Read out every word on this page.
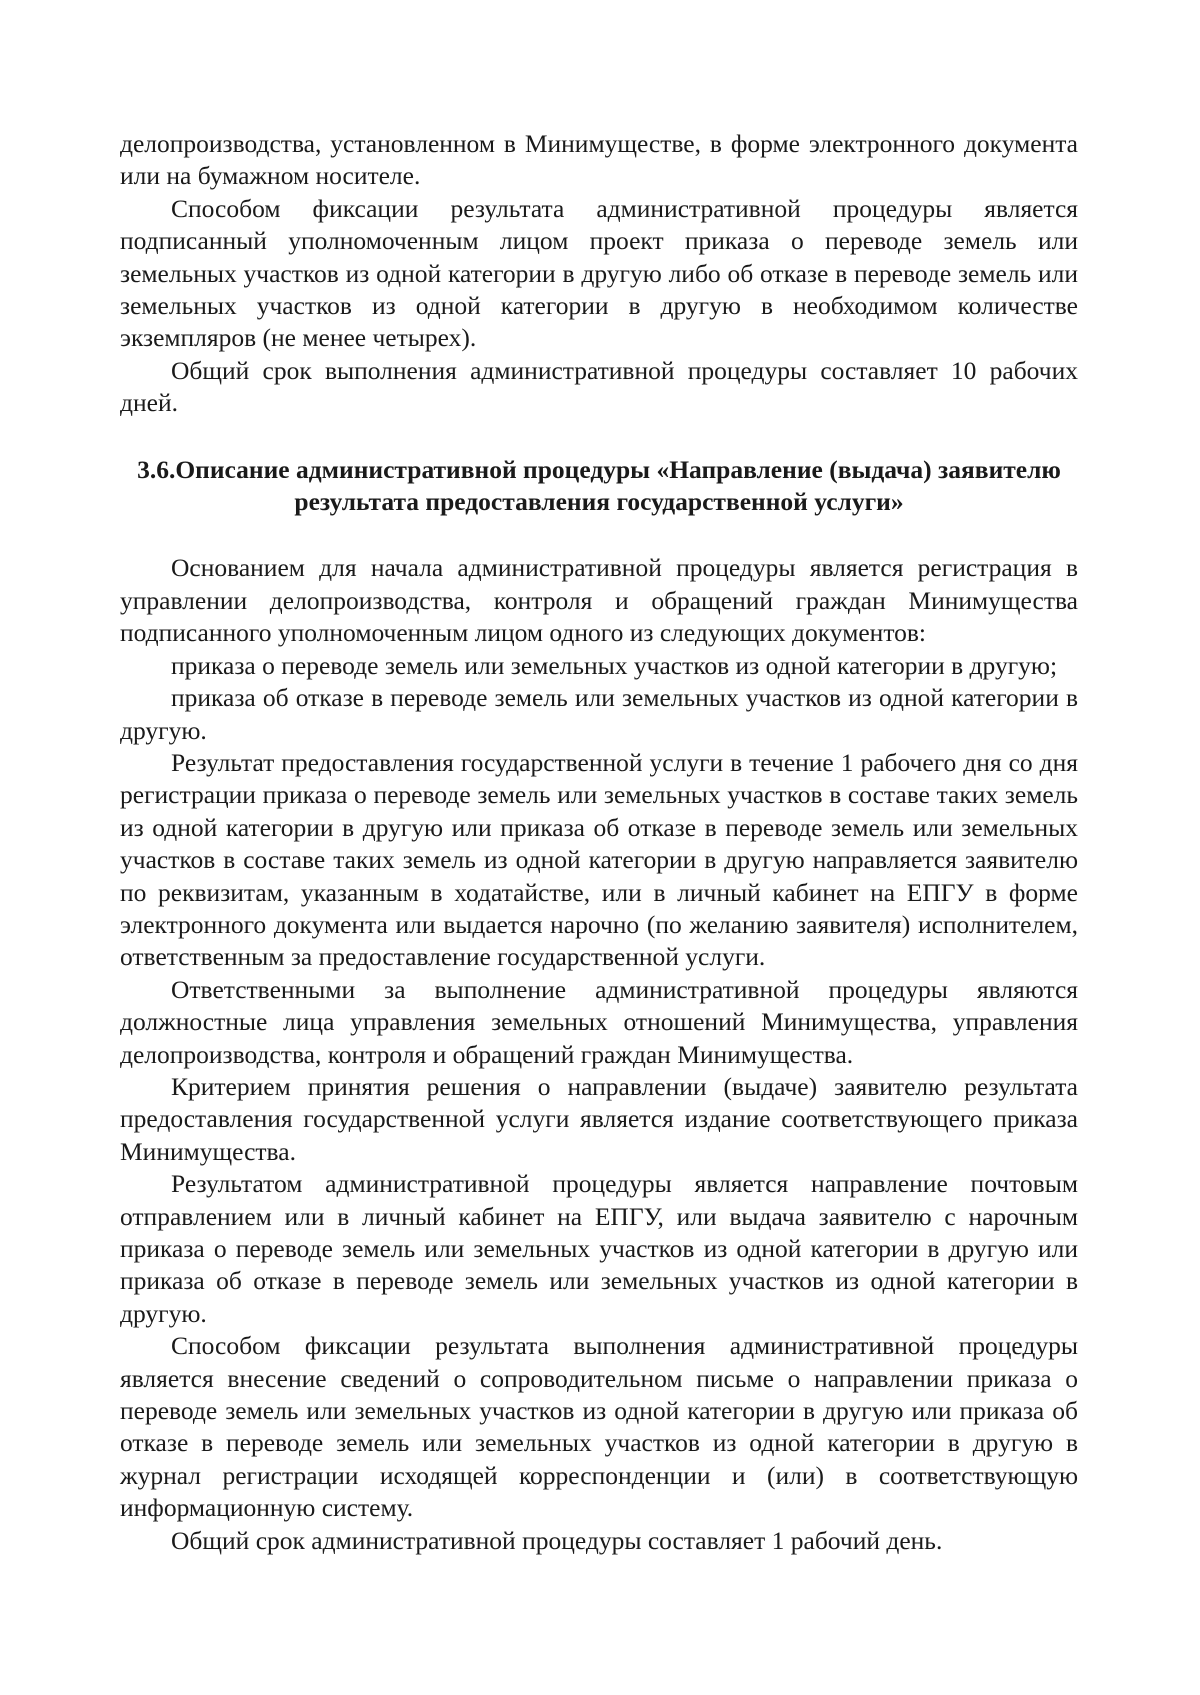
делопроизводства, установленном в Минимуществе, в форме электронного документа или на бумажном носителе.

Способом фиксации результата административной процедуры является подписанный уполномоченным лицом проект приказа о переводе земель или земельных участков из одной категории в другую либо об отказе в переводе земель или земельных участков из одной категории в другую в необходимом количестве экземпляров (не менее четырех).

Общий срок выполнения административной процедуры составляет 10 рабочих дней.

3.6.Описание административной процедуры «Направление (выдача) заявителю результата предоставления государственной услуги»

Основанием для начала административной процедуры является регистрация в управлении делопроизводства, контроля и обращений граждан Минимущества подписанного уполномоченным лицом одного из следующих документов:

приказа о переводе земель или земельных участков из одной категории в другую;

приказа об отказе в переводе земель или земельных участков из одной категории в другую.

Результат предоставления государственной услуги в течение 1 рабочего дня со дня регистрации приказа о переводе земель или земельных участков в составе таких земель из одной категории в другую или приказа об отказе в переводе земель или земельных участков в составе таких земель из одной категории в другую направляется заявителю по реквизитам, указанным в ходатайстве, или в личный кабинет на ЕПГУ в форме электронного документа или выдается нарочно (по желанию заявителя) исполнителем, ответственным за предоставление государственной услуги.

Ответственными за выполнение административной процедуры являются должностные лица управления земельных отношений Минимущества, управления делопроизводства, контроля и обращений граждан Минимущества.

Критерием принятия решения о направлении (выдаче) заявителю результата предоставления государственной услуги является издание соответствующего приказа Минимущества.

Результатом административной процедуры является направление почтовым отправлением или в личный кабинет на ЕПГУ, или выдача заявителю с нарочным приказа о переводе земель или земельных участков из одной категории в другую или приказа об отказе в переводе земель или земельных участков из одной категории в другую.

Способом фиксации результата выполнения административной процедуры является внесение сведений о сопроводительном письме о направлении приказа о переводе земель или земельных участков из одной категории в другую или приказа об отказе в переводе земель или земельных участков из одной категории в другую в журнал регистрации исходящей корреспонденции и (или) в соответствующую информационную систему.

Общий срок административной процедуры составляет 1 рабочий день.
